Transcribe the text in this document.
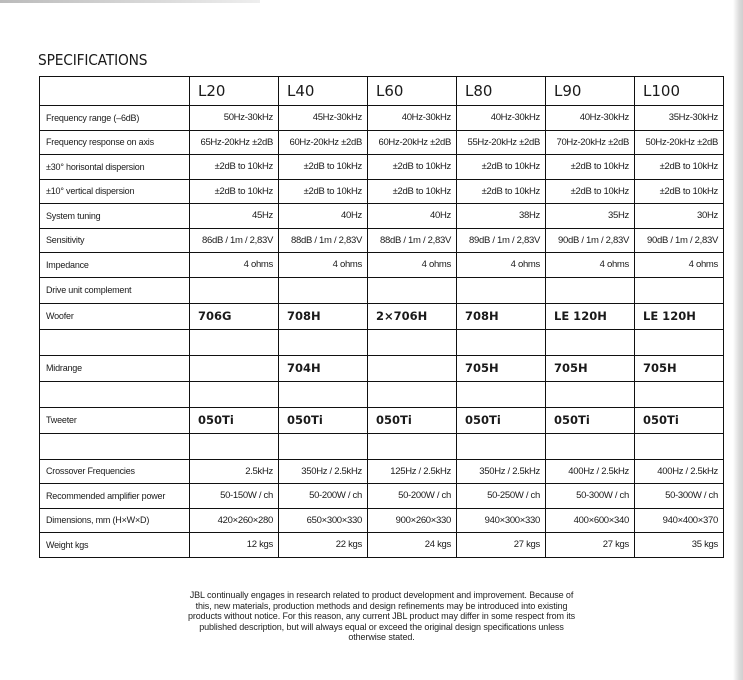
SPECIFICATIONS
	L20	L40	L60	L80	L90	L100
Frequency range (–6dB)	50Hz-30kHz	45Hz-30kHz	40Hz-30kHz	40Hz-30kHz	40Hz-30kHz	35Hz-30kHz
Frequency response on axis	65Hz-20kHz ±2dB	60Hz-20kHz ±2dB	60Hz-20kHz ±2dB	55Hz-20kHz ±2dB	70Hz-20kHz ±2dB	50Hz-20kHz ±2dB
±30° horisontal dispersion	±2dB to 10kHz	±2dB to 10kHz	±2dB to 10kHz	±2dB to 10kHz	±2dB to 10kHz	±2dB to 10kHz
±10° vertical dispersion	±2dB to 10kHz	±2dB to 10kHz	±2dB to 10kHz	±2dB to 10kHz	±2dB to 10kHz	±2dB to 10kHz
System tuning	45Hz	40Hz	40Hz	38Hz	35Hz	30Hz
Sensitivity	86dB / 1m / 2,83V	88dB / 1m / 2,83V	88dB / 1m / 2,83V	89dB / 1m / 2,83V	90dB / 1m / 2,83V	90dB / 1m / 2,83V
Impedance	4 ohms	4 ohms	4 ohms	4 ohms	4 ohms	4 ohms
Drive unit complement						
Woofer	706G	708H	2×706H	708H	LE 120H	LE 120H

Midrange		704H		705H	705H	705H

Tweeter	050Ti	050Ti	050Ti	050Ti	050Ti	050Ti

Crossover Frequencies	2.5kHz	350Hz / 2.5kHz	125Hz / 2.5kHz	350Hz / 2.5kHz	400Hz / 2.5kHz	400Hz / 2.5kHz
Recommended amplifier power	50-150W / ch	50-200W / ch	50-200W / ch	50-250W / ch	50-300W / ch	50-300W / ch
Dimensions, mm (H×W×D)	420×260×280	650×300×330	900×260×330	940×300×330	400×600×340	940×400×370
Weight kgs	12 kgs	22 kgs	24 kgs	27 kgs	27 kgs	35 kgs
JBL continually engages in research related to product development and improvement. Because of this, new materials, production methods and design refinements may be introduced into existing products without notice. For this reason, any current JBL product may differ in some respect from its published description, but will always equal or exceed the original design specifications unless otherwise stated.
